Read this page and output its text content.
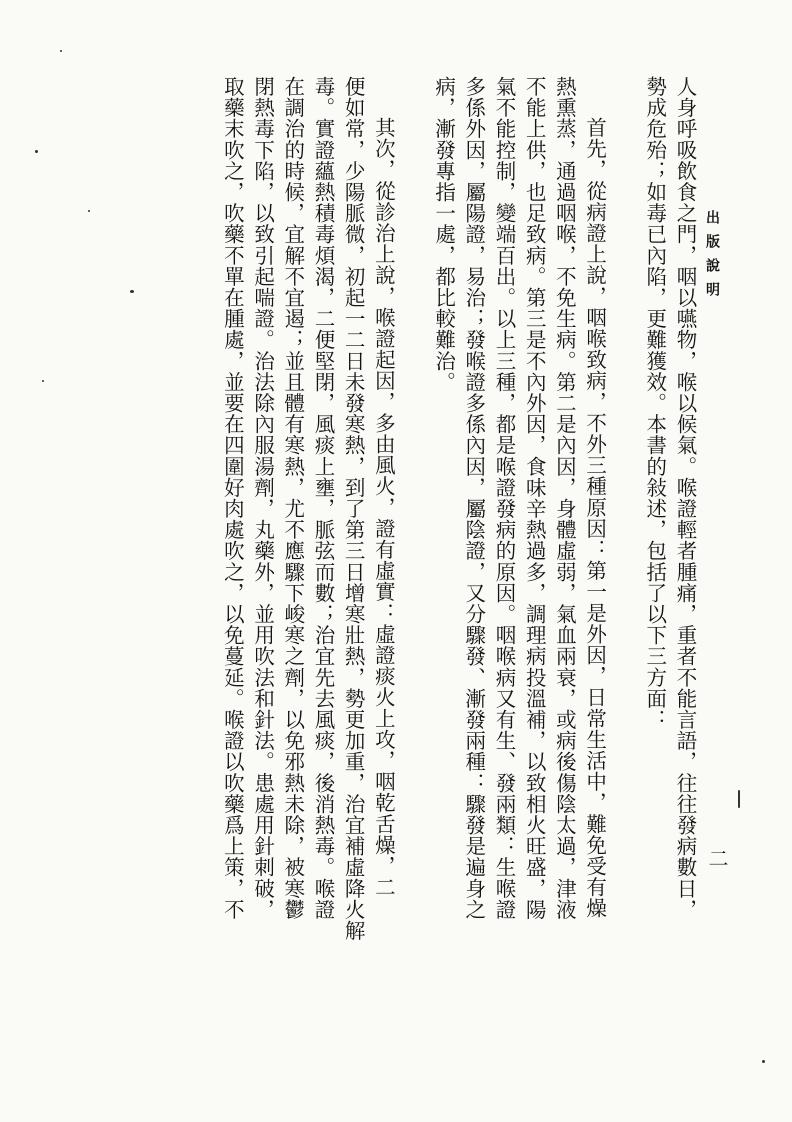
出版說明
二
人身呼吸飲食之門，咽以嚥物，喉以候氣。喉證輕者腫痛，重者不能言語，往往發病數日，
勢成危殆；如毒已內陷，更難獲效。本書的敍述，包括了以下三方面：
首先，從病證上說，咽喉致病，不外三種原因：第一是外因，日常生活中，難免受有燥
熱熏蒸，通過咽喉，不免生病。第二是內因，身體虛弱，氣血兩衰，或病後傷陰太過，津液
不能上供，也足致病。第三是不內外因，食味辛熱過多，調理病投溫補，以致相火旺盛，陽
氣不能控制，變端百出。以上三種，都是喉證發病的原因。咽喉病又有生、發兩類：生喉證
多係外因，屬陽證，易治；發喉證多係內因，屬陰證，又分驟發、漸發兩種：驟發是遍身之
病，漸發專指一處，都比較難治。
其次，從診治上說，喉證起因，多由風火，證有虛實：虛證痰火上攻，咽乾舌燥，二
便如常，少陽脈微，初起一二日未發寒熱，到了第三日增寒壯熱，勢更加重，治宜補虛降火解
毒。實證蘊熱積毒煩渴，二便堅閉，風痰上壅，脈弦而數；治宜先去風痰，後消熱毒。喉證
在調治的時候，宜解不宜遏；並且體有寒熱，尤不應驟下峻寒之劑，以免邪熱未除，被寒鬱
閉熱毒下陷，以致引起喘證。治法除內服湯劑，丸藥外，並用吹法和針法。患處用針刺破，
取藥末吹之，吹藥不單在腫處，並要在四圍好肉處吹之，以免蔓延。喉證以吹藥爲上策，不
